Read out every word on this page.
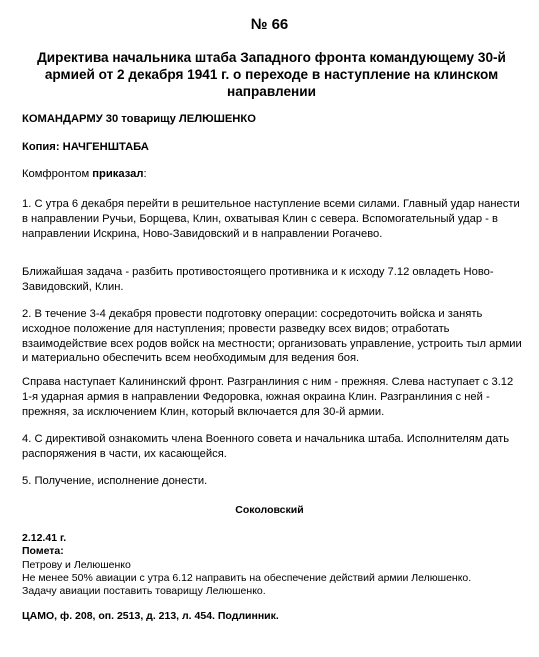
№ 66
Директива начальника штаба Западного фронта командующему 30-й армией от 2 декабря 1941 г. о переходе в наступление на клинском направлении
КОМАНДАРМУ 30 товарищу ЛЕЛЮШЕНКО
Копия: НАЧГЕНШТАБА
Комфронтом приказал:
1. С утра 6 декабря перейти в решительное наступление всеми силами. Главный удар нанести в направлении Ручьи, Борщева, Клин, охватывая Клин с севера. Вспомогательный удар - в направлении Искрина, Ново-Завидовский и в направлении Рогачево.
Ближайшая задача - разбить противостоящего противника и к исходу 7.12 овладеть Ново-Завидовский, Клин.
2. В течение 3-4 декабря провести подготовку операции: сосредоточить войска и занять исходное положение для наступления; провести разведку всех видов; отработать взаимодействие всех родов войск на местности; организовать управление, устроить тыл армии и материально обеспечить всем необходимым для ведения боя.
Справа наступает Калининский фронт. Разгранлиния с ним - прежняя. Слева наступает с 3.12 1-я ударная армия в направлении Федоровка, южная окраина Клин. Разгранлиния с ней - прежняя, за исключением Клин, который включается для 30-й армии.
4. С директивой ознакомить члена Военного совета и начальника штаба. Исполнителям дать распоряжения в части, их касающейся.
5. Получение, исполнение донести.
Соколовский
2.12.41 г.
Помета:
Петрову и Лелюшенко
Не менее 50% авиации с утра 6.12 направить на обеспечение действий армии Лелюшенко.
Задачу авиации поставить товарищу Лелюшенко.
ЦАМО, ф. 208, оп. 2513, д. 213, л. 454. Подлинник.
